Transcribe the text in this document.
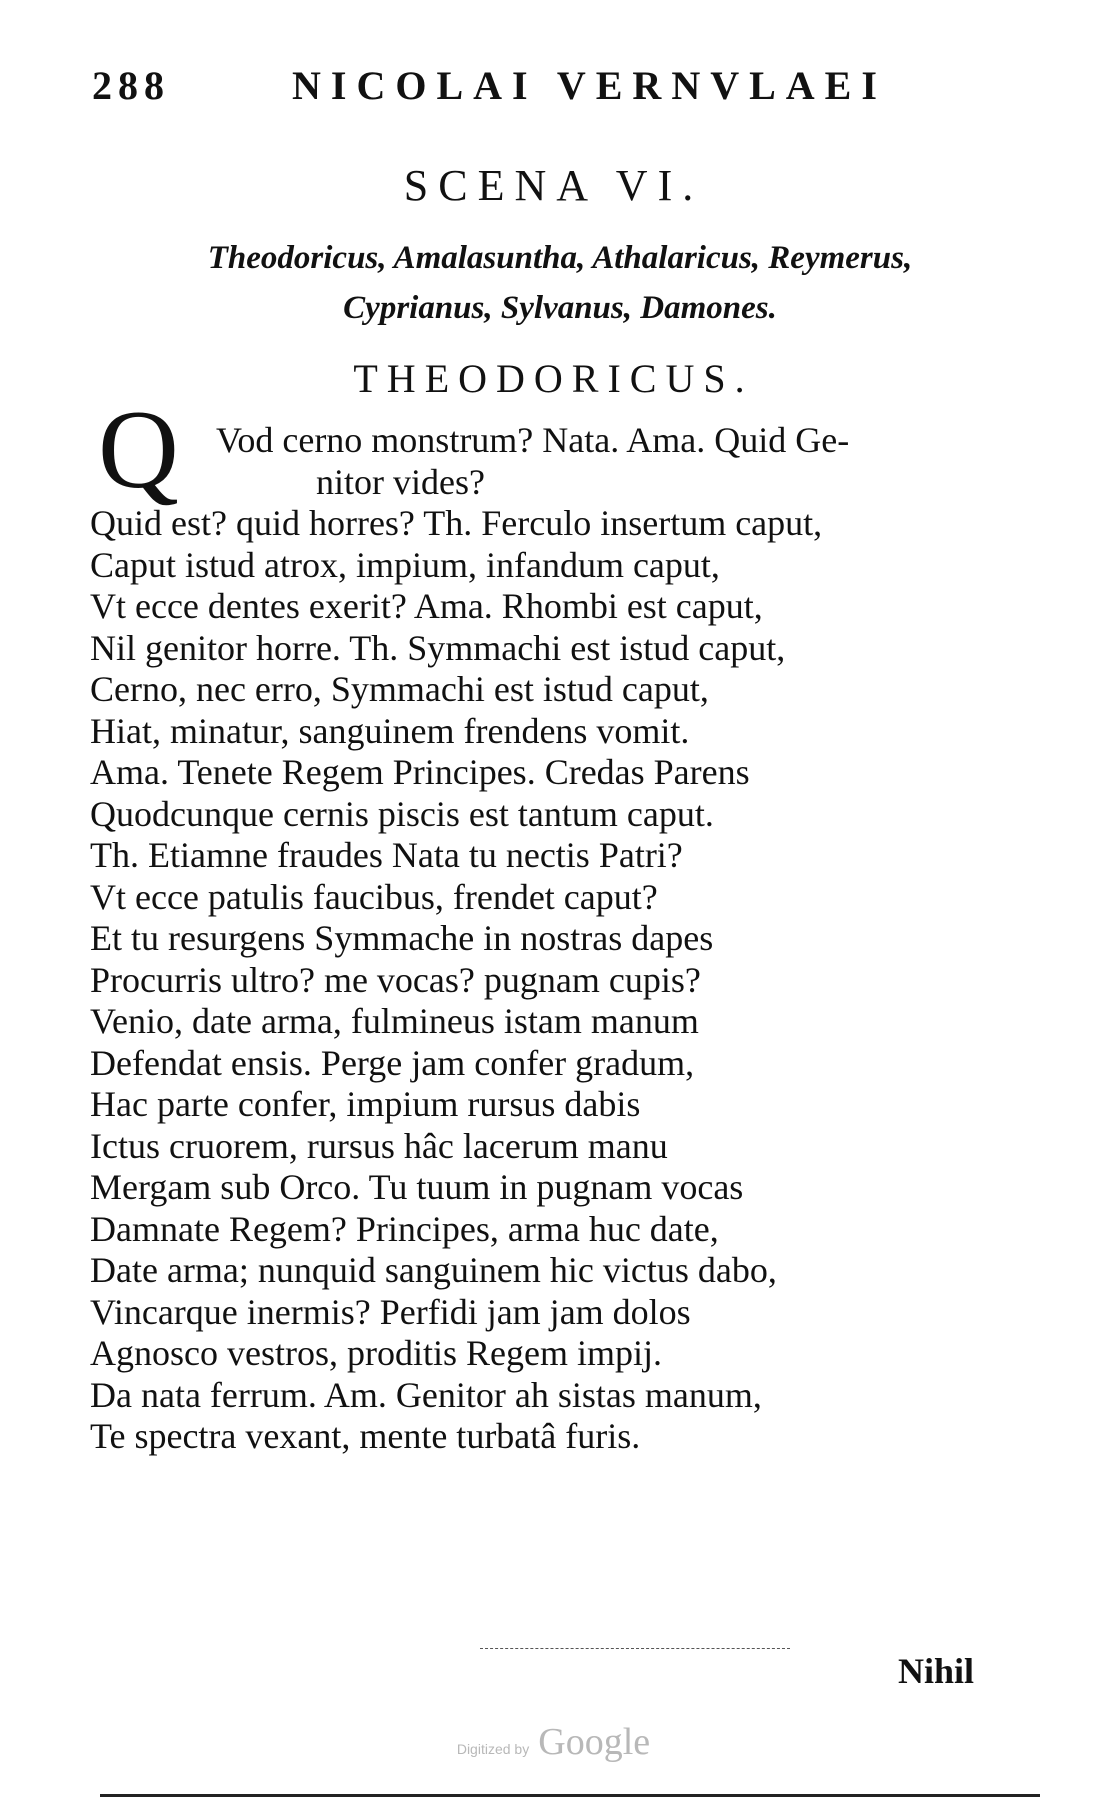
288	NICOLAI VERNVLAEI
SCENA VI.
Theodoricus, Amalasuntha, Athalaricus, Reymerus,
Cyprianus, Sylvanus, Damones.
THEODORICUS.
Q Vod cerno monstrum? Nata. Ama. Quid Ge-
nitor vides?
Quid est? quid horres? Th. Ferculo insertum caput,
Caput istud atrox, impium, infandum caput,
Vt ecce dentes exerit? Ama. Rhombi est caput,
Nil genitor horre. Th. Symmachi est istud caput,
Cerno, nec erro, Symmachi est istud caput,
Hiat, minatur, sanguinem frendens vomit.
Ama. Tenete Regem Principes. Credas Parens
Quodcunque cernis piscis est tantum caput.
Th. Etiamne fraudes Nata tu nectis Patri?
Vt ecce patulis faucibus, frendet caput?
Et tu resurgens Symmache in nostras dapes
Procurris ultro? me vocas? pugnam cupis?
Venio, date arma, fulmineus istam manum
Defendat ensis. Perge jam confer gradum,
Hac parte confer, impium rursus dabis
Ictus cruorem, rursus hâc lacerum manu
Mergam sub Orco. Tu tuum in pugnam vocas
Damnate Regem? Principes, arma huc date,
Date arma; nunquid sanguinem hic victus dabo,
Vincarque inermis? Perfidi jam jam dolos
Agnosco vestros, proditis Regem impij.
Da nata ferrum. Am. Genitor ah sistas manum,
Te spectra vexant, mente turbatâ furis.
Nihil
Digitized by Google
